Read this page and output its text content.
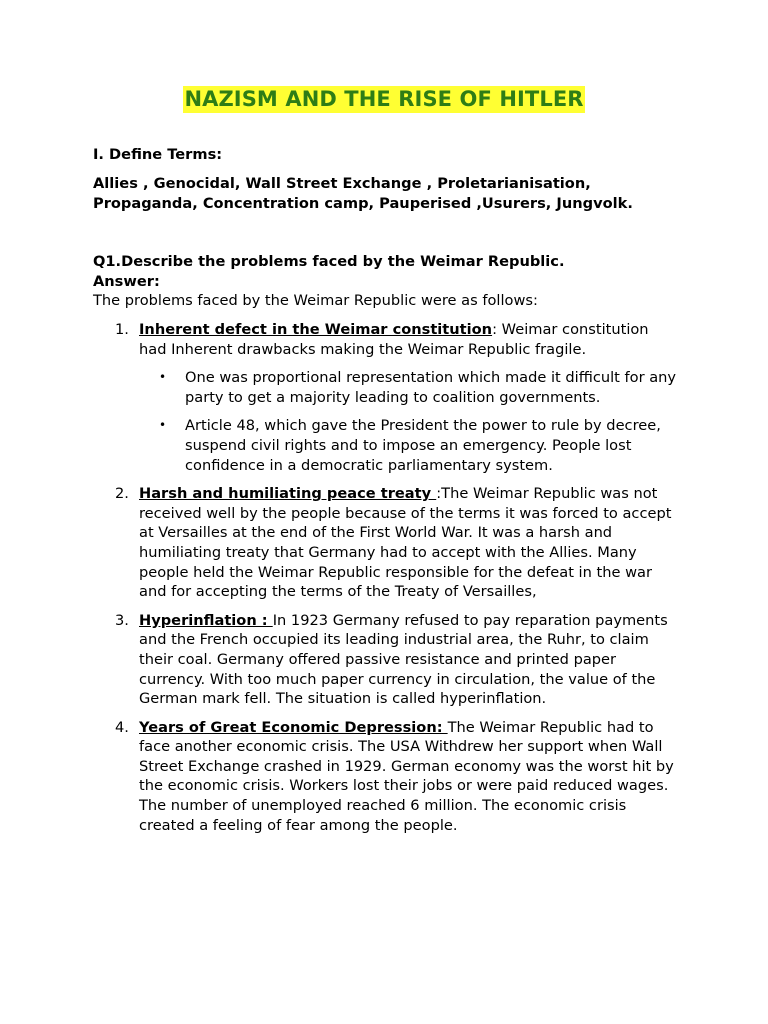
NAZISM AND THE RISE OF HITLER
I. Define Terms:
Allies , Genocidal, Wall Street Exchange , Proletarianisation,
Propaganda, Concentration camp, Pauperised ,Usurers, Jungvolk.
Q1.Describe the problems faced by the Weimar Republic.
Answer:
The problems faced by the Weimar Republic were as follows:
1. Inherent defect in the Weimar constitution: Weimar constitution had Inherent drawbacks making the Weimar Republic fragile.
• One was proportional representation which made it difficult for any party to get a majority leading to coalition governments.
• Article 48, which gave the President the power to rule by decree, suspend civil rights and to impose an emergency. People lost confidence in a democratic parliamentary system.
2. Harsh and humiliating peace treaty :The Weimar Republic was not received well by the people because of the terms it was forced to accept at Versailles at the end of the First World War. It was a harsh and humiliating treaty that Germany had to accept with the Allies. Many people held the Weimar Republic responsible for the defeat in the war and for accepting the terms of the Treaty of Versailles,
3. Hyperinflation : In 1923 Germany refused to pay reparation payments and the French occupied its leading industrial area, the Ruhr, to claim their coal. Germany offered passive resistance and printed paper currency. With too much paper currency in circulation, the value of the German mark fell. The situation is called hyperinflation.
4. Years of Great Economic Depression: The Weimar Republic had to face another economic crisis. The USA Withdrew her support when Wall Street Exchange crashed in 1929. German economy was the worst hit by the economic crisis. Workers lost their jobs or were paid reduced wages. The number of unemployed reached 6 million. The economic crisis created a feeling of fear among the people.
